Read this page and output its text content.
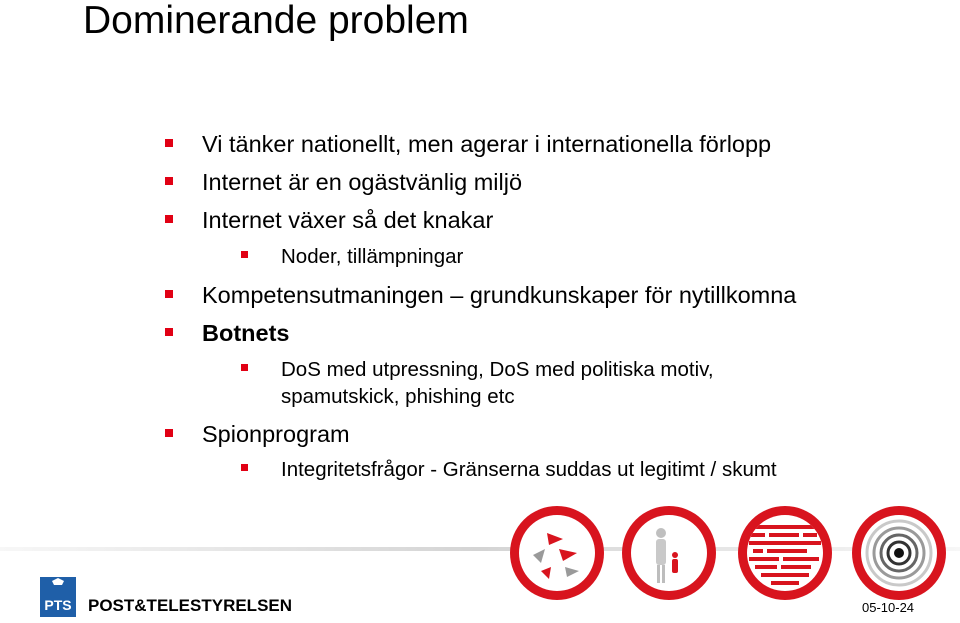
Dominerande problem
Vi tänker nationellt, men agerar i internationella förlopp
Internet är en ogästvänlig miljö
Internet växer så det knakar
Noder, tillämpningar
Kompetensutmaningen – grundkunskaper för nytillkomna
Botnets
DoS med utpressning, DoS med politiska motiv,
spamutskick, phishing etc
Spionprogram
Integritetsfrågor - Gränserna suddas ut legitimt / skumt
PTS POST&TELESTYRELSEN	05-10-24
